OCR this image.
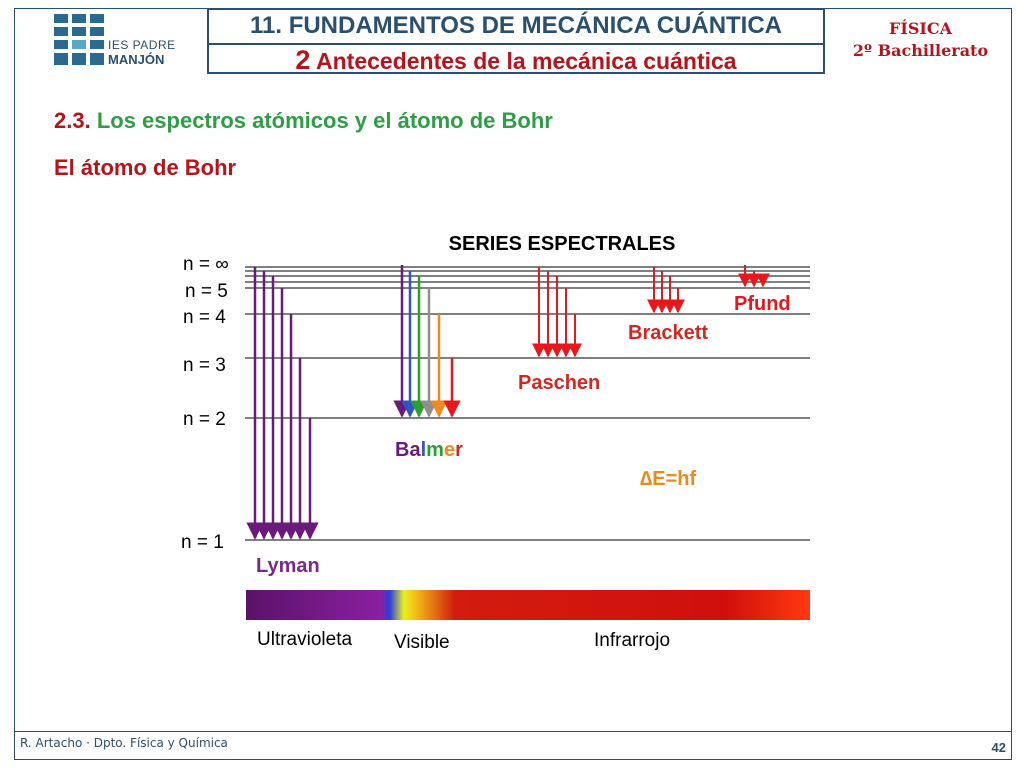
IES PADRE
MANJÓN
11. FUNDAMENTOS DE MECÁNICA CUÁNTICA
2 Antecedentes de la mecánica cuántica
FÍSICA
2º Bachillerato
2.3. Los espectros atómicos y el átomo de Bohr
El átomo de Bohr
SERIES ESPECTRALES
n = ∞
n = 5
n = 4
n = 3
n = 2
n = 1
Pfund
Brackett
Paschen
Balmer
Lyman
∆E=hf
Ultravioleta Visible	Infrarrojo
R. Artacho · Dpto. Física y Química	42
